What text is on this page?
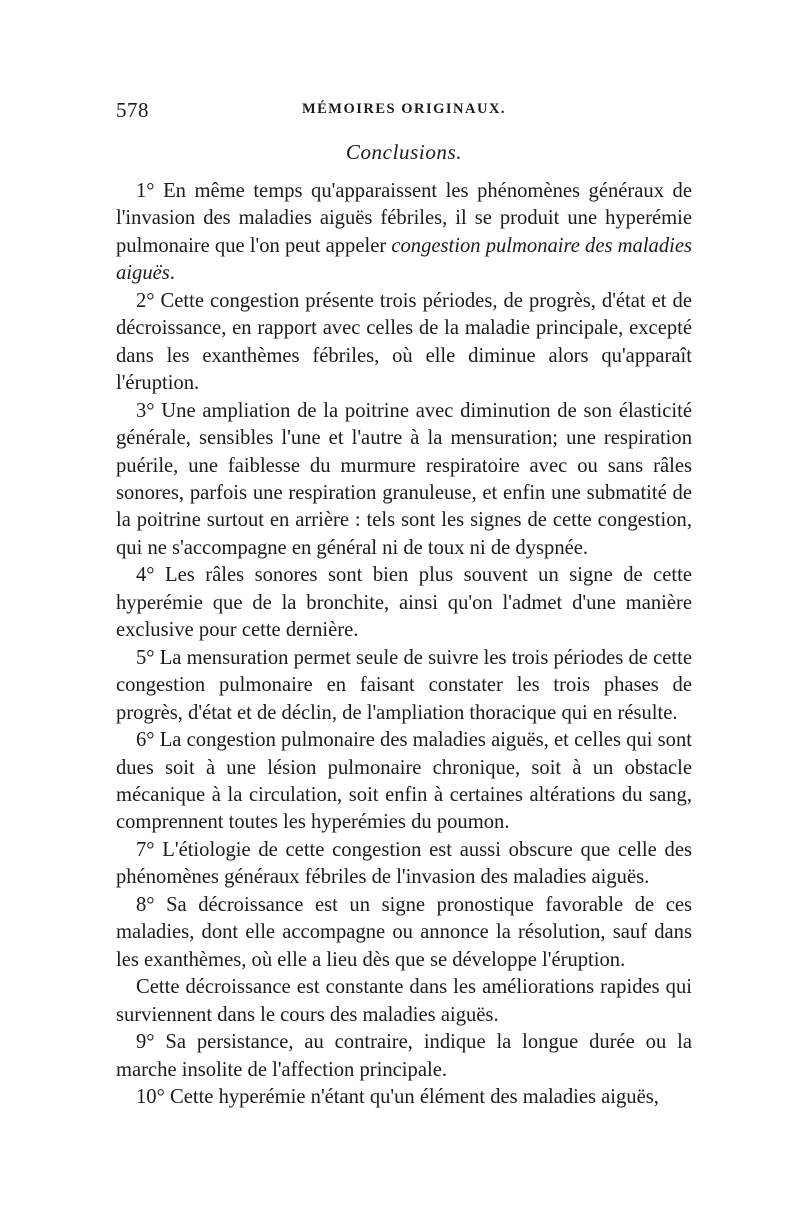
578	MÉMOIRES ORIGINAUX.
Conclusions.

1° En même temps qu'apparaissent les phénomènes généraux de l'invasion des maladies aiguës fébriles, il se produit une hyperémie pulmonaire que l'on peut appeler congestion pulmonaire des maladies aiguës.

2° Cette congestion présente trois périodes, de progrès, d'état et de décroissance, en rapport avec celles de la maladie principale, excepté dans les exanthèmes fébriles, où elle diminue alors qu'apparaît l'éruption.

3° Une ampliation de la poitrine avec diminution de son élasticité générale, sensibles l'une et l'autre à la mensuration; une respiration puérile, une faiblesse du murmure respiratoire avec ou sans râles sonores, parfois une respiration granuleuse, et enfin une submatité de la poitrine surtout en arrière : tels sont les signes de cette congestion, qui ne s'accompagne en général ni de toux ni de dyspnée.

4° Les râles sonores sont bien plus souvent un signe de cette hyperémie que de la bronchite, ainsi qu'on l'admet d'une manière exclusive pour cette dernière.

5° La mensuration permet seule de suivre les trois périodes de cette congestion pulmonaire en faisant constater les trois phases de progrès, d'état et de déclin, de l'ampliation thoracique qui en résulte.

6° La congestion pulmonaire des maladies aiguës, et celles qui sont dues soit à une lésion pulmonaire chronique, soit à un obstacle mécanique à la circulation, soit enfin à certaines altérations du sang, comprennent toutes les hyperémies du poumon.

7° L'étiologie de cette congestion est aussi obscure que celle des phénomènes généraux fébriles de l'invasion des maladies aiguës.

8° Sa décroissance est un signe pronostique favorable de ces maladies, dont elle accompagne ou annonce la résolution, sauf dans les exanthèmes, où elle a lieu dès que se développe l'éruption.

Cette décroissance est constante dans les améliorations rapides qui surviennent dans le cours des maladies aiguës.

9° Sa persistance, au contraire, indique la longue durée ou la marche insolite de l'affection principale.

10° Cette hyperémie n'étant qu'un élément des maladies aiguës,
